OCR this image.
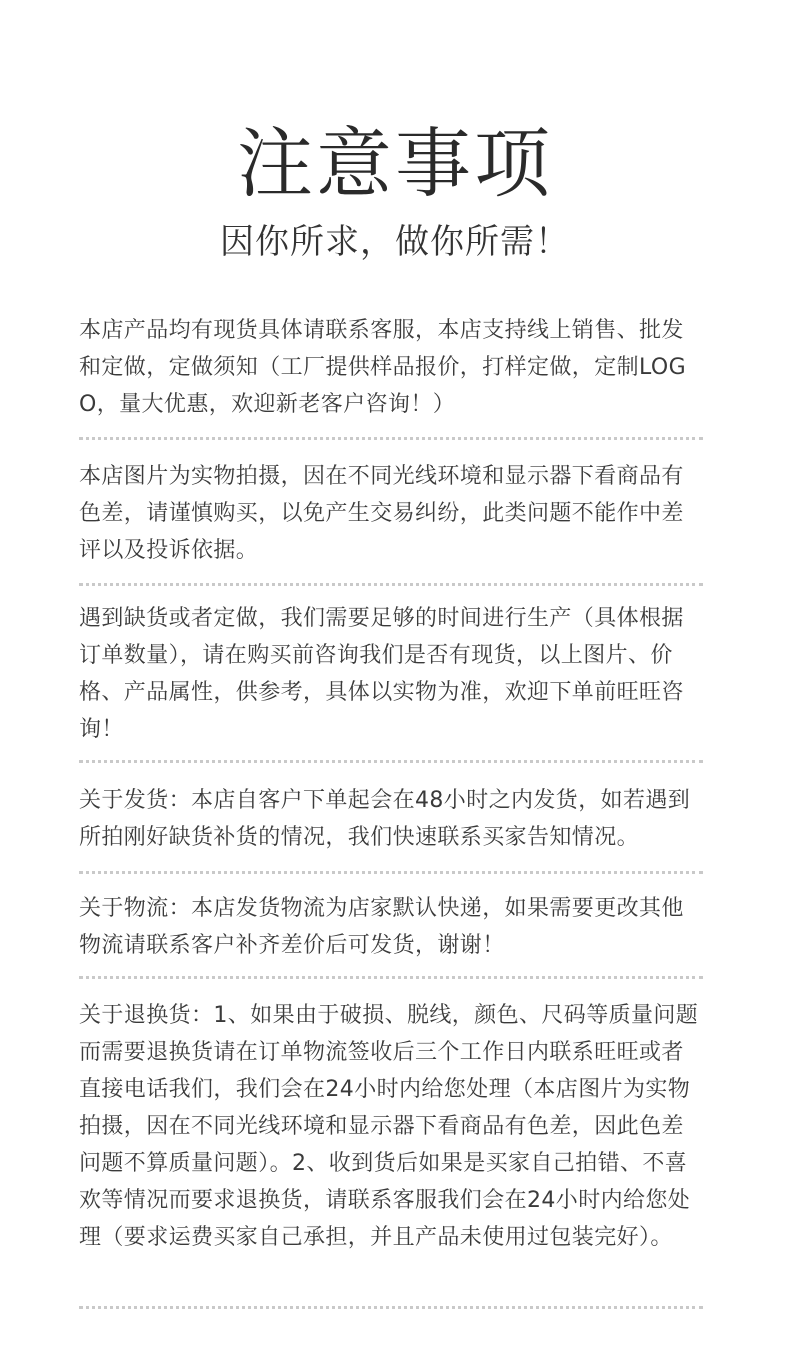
注意事项
因你所求，做你所需！

本店产品均有现货具体请联系客服，本店支持线上销售、批发和定做，定做须知（工厂提供样品报价，打样定做，定制LOGO，量大优惠，欢迎新老客户咨询！）

本店图片为实物拍摄，因在不同光线环境和显示器下看商品有色差，请谨慎购买，以免产生交易纠纷，此类问题不能作中差评以及投诉依据。

遇到缺货或者定做，我们需要足够的时间进行生产（具体根据订单数量），请在购买前咨询我们是否有现货，以上图片、价格、产品属性，供参考，具体以实物为准，欢迎下单前旺旺咨询！

关于发货：本店自客户下单起会在48小时之内发货，如若遇到所拍刚好缺货补货的情况，我们快速联系买家告知情况。

关于物流：本店发货物流为店家默认快递，如果需要更改其他物流请联系客户补齐差价后可发货，谢谢！

关于退换货：1、如果由于破损、脱线，颜色、尺码等质量问题而需要退换货请在订单物流签收后三个工作日内联系旺旺或者直接电话我们，我们会在24小时内给您处理（本店图片为实物拍摄，因在不同光线环境和显示器下看商品有色差，因此色差问题不算质量问题）。2、收到货后如果是买家自己拍错、不喜欢等情况而要求退换货，请联系客服我们会在24小时内给您处理（要求运费买家自己承担，并且产品未使用过包装完好）。
